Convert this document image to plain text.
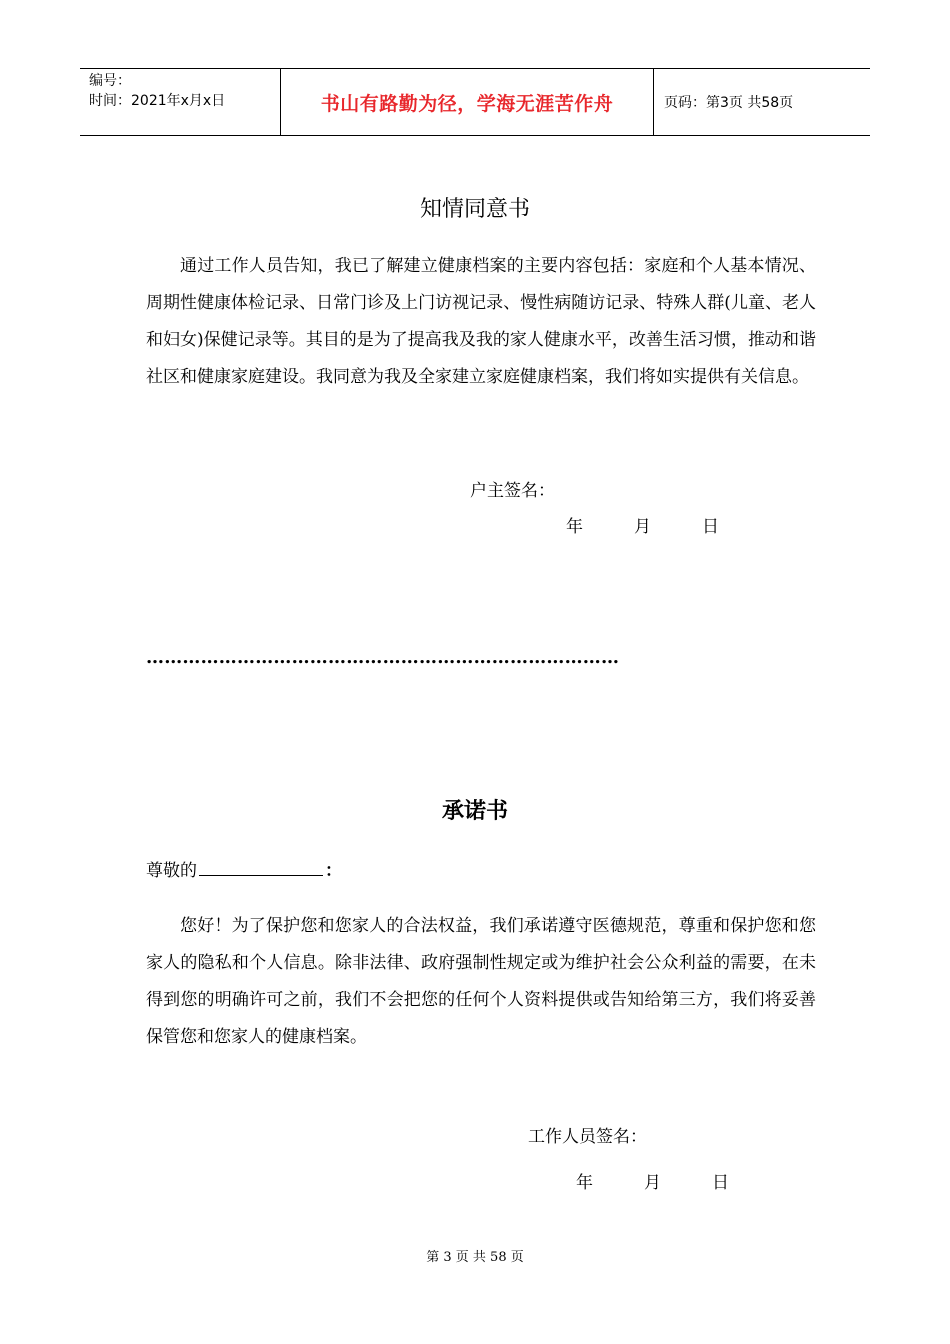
编号：
时间：2021年x月x日	书山有路勤为径，学海无涯苦作舟	页码：第3页 共58页
知情同意书

通过工作人员告知，我已了解建立健康档案的主要内容包括：家庭和个人基本情况、周期性健康体检记录、日常门诊及上门访视记录、慢性病随访记录、特殊人群(儿童、老人和妇女)保健记录等。其目的是为了提高我及我的家人健康水平，改善生活习惯，推动和谐社区和健康家庭建设。我同意为我及全家建立家庭健康档案，我们将如实提供有关信息。

户主签名：
年	月	日
……………………………………………………………………
承诺书
尊敬的	：

您好！为了保护您和您家人的合法权益，我们承诺遵守医德规范，尊重和保护您和您家人的隐私和个人信息。除非法律、政府强制性规定或为维护社会公众利益的需要，在未得到您的明确许可之前，我们不会把您的任何个人资料提供或告知给第三方，我们将妥善保管您和您家人的健康档案。

工作人员签名：
年	月	日
第 3 页 共 58 页
